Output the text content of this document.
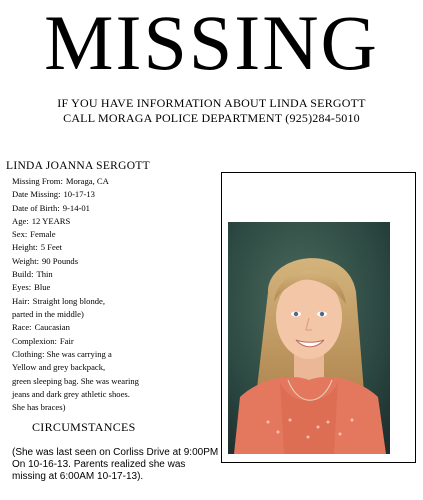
MISSING
IF YOU HAVE INFORMATION ABOUT LINDA SERGOTT
CALL MORAGA POLICE DEPARTMENT (925)284-5010
LINDA JOANNA SERGOTT
Missing From: Moraga, CA
Date Missing: 10-17-13
Date of Birth: 9-14-01
Age: 12 YEARS
Sex: Female
Height: 5 Feet
Weight: 90 Pounds
Build: Thin
Eyes: Blue
Hair: Straight long blonde,
parted in the middle)
Race: Caucasian
Complexion: Fair
Clothing: She was carrying a
Yellow and grey backpack,
green sleeping bag. She was wearing
jeans and dark grey athletic shoes.
She has braces)
CIRCUMSTANCES
(She was last seen on Corliss Drive at 9:00PM
On 10-16-13. Parents realized she was
missing at 6:00AM 10-17-13).
